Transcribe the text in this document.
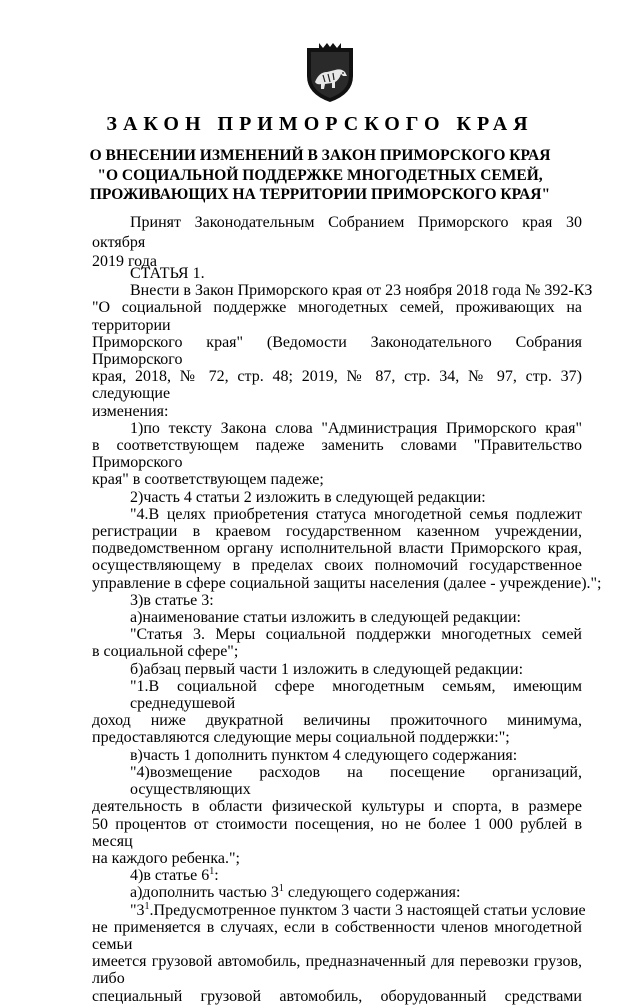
ЗАКОН ПРИМОРСКОГО КРАЯ
О ВНЕСЕНИИ ИЗМЕНЕНИЙ В ЗАКОН ПРИМОРСКОГО КРАЯ
"О СОЦИАЛЬНОЙ ПОДДЕРЖКЕ МНОГОДЕТНЫХ СЕМЕЙ,
ПРОЖИВАЮЩИХ НА ТЕРРИТОРИИ ПРИМОРСКОГО КРАЯ"
Принят Законодательным Собранием Приморского края 30 октября
2019 года
СТАТЬЯ 1.
Внести в Закон Приморского края от 23 ноября 2018 года № 392-КЗ
"О социальной поддержке многодетных семей, проживающих на территории
Приморского края" (Ведомости Законодательного Собрания Приморского
края, 2018, № 72, стр. 48; 2019, № 87, стр. 34, № 97, стр. 37) следующие
изменения:
1)по тексту Закона слова "Администрация Приморского края"
в соответствующем падеже заменить словами "Правительство Приморского
края" в соответствующем падеже;
2)часть 4 статьи 2 изложить в следующей редакции:
"4.В целях приобретения статуса многодетной семья подлежит
регистрации в краевом государственном казенном учреждении,
подведомственном органу исполнительной власти Приморского края,
осуществляющему в пределах своих полномочий государственное
управление в сфере социальной защиты населения (далее - учреждение).";
3)в статье 3:
а)наименование статьи изложить в следующей редакции:
"Статья 3. Меры социальной поддержки многодетных семей
в социальной сфере";
б)абзац первый части 1 изложить в следующей редакции:
"1.В социальной сфере многодетным семьям, имеющим среднедушевой
доход ниже двукратной величины прожиточного минимума,
предоставляются следующие меры социальной поддержки:";
в)часть 1 дополнить пунктом 4 следующего содержания:
"4)возмещение расходов на посещение организаций, осуществляющих
деятельность в области физической культуры и спорта, в размере
50 процентов от стоимости посещения, но не более 1 000 рублей в месяц
на каждого ребенка.";
4)в статье $6^1$:
а)дополнить частью $3^1$ следующего содержания:
"$3^1.Предусмотренное$ пунктом 3 части 3 настоящей статьи условие
не применяется в случаях, если в собственности членов многодетной семьи
имеется грузовой автомобиль, предназначенный для перевозки грузов, либо
специальный грузовой автомобиль, оборудованный средствами
